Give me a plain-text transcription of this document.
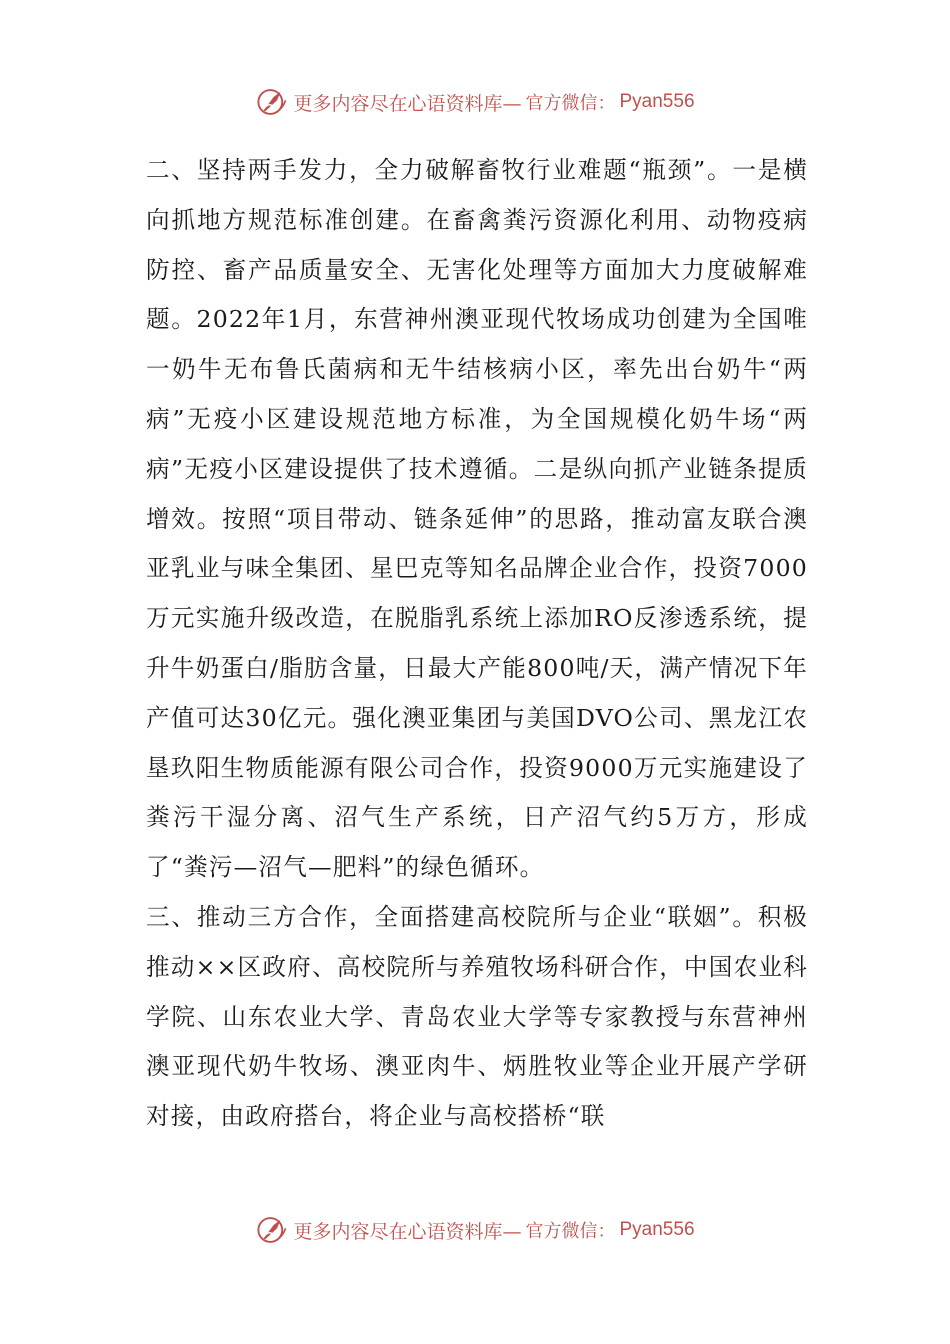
更多内容尽在心语资料库— 官方微信： Pyan556

二、坚持两手发力，全力破解畜牧行业难题“瓶颈”。一是横向抓地方规范标准创建。在畜禽粪污资源化利用、动物疫病防控、畜产品质量安全、无害化处理等方面加大力度破解难题。2022年1月，东营神州澳亚现代牧场成功创建为全国唯一奶牛无布鲁氏菌病和无牛结核病小区，率先出台奶牛“两病”无疫小区建设规范地方标准，为全国规模化奶牛场“两病”无疫小区建设提供了技术遵循。二是纵向抓产业链条提质增效。按照“项目带动、链条延伸”的思路，推动富友联合澳亚乳业与味全集团、星巴克等知名品牌企业合作，投资7000万元实施升级改造，在脱脂乳系统上添加RO反渗透系统，提升牛奶蛋白/脂肪含量，日最大产能800吨/天，满产情况下年产值可达30亿元。强化澳亚集团与美国DVO公司、黑龙江农垦玖阳生物质能源有限公司合作，投资9000万元实施建设了粪污干湿分离、沼气生产系统，日产沼气约5万方，形成了“粪污—沼气—肥料”的绿色循环。

三、推动三方合作，全面搭建高校院所与企业“联姻”。积极推动××区政府、高校院所与养殖牧场科研合作，中国农业科学院、山东农业大学、青岛农业大学等专家教授与东营神州澳亚现代奶牛牧场、澳亚肉牛、炳胜牧业等企业开展产学研对接，由政府搭台，将企业与高校搭桥“联

更多内容尽在心语资料库— 官方微信： Pyan556
